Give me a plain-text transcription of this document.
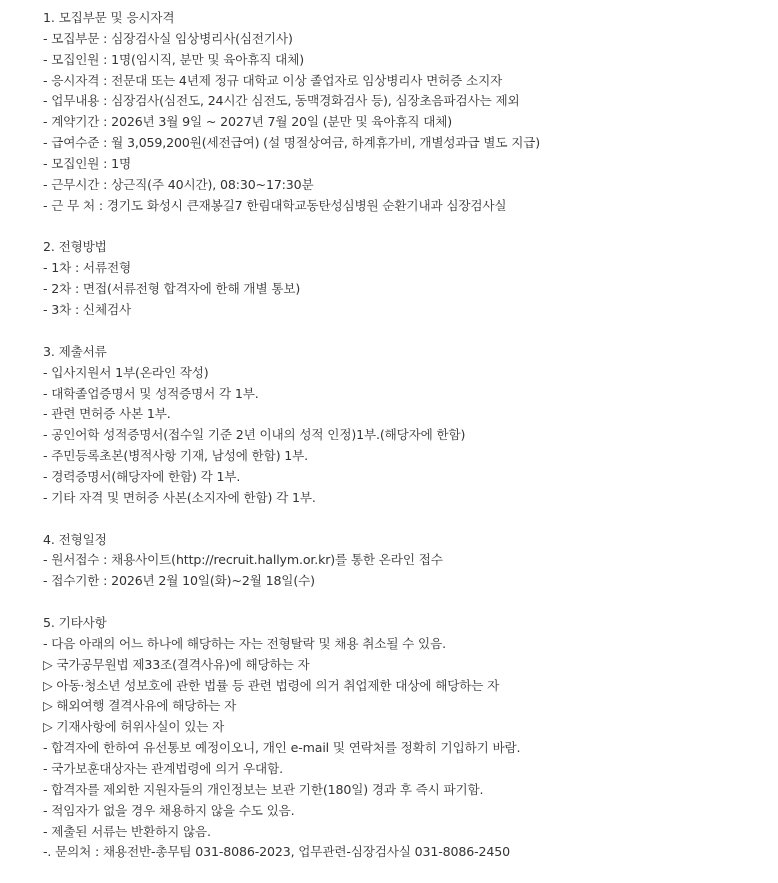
1. 모집부문 및 응시자격
- 모집부문 : 심장검사실 임상병리사(심전기사)
- 모집인원 : 1명(임시직, 분만 및 육아휴직 대체)
- 응시자격 : 전문대 또는 4년제 정규 대학교 이상 졸업자로 임상병리사 면허증 소지자
- 업무내용 : 심장검사(심전도, 24시간 심전도, 동맥경화검사 등), 심장초음파검사는 제외
- 계약기간 : 2026년 3월 9일 ~ 2027년 7월 20일 (분만 및 육아휴직 대체)
- 급여수준 : 월 3,059,200원(세전급여) (설 명절상여금, 하계휴가비, 개별성과급 별도 지급)
- 모집인원 : 1명
- 근무시간 : 상근직(주 40시간), 08:30~17:30분
- 근 무 처 : 경기도 화성시 큰재봉길7 한림대학교동탄성심병원 순환기내과 심장검사실
2. 전형방법
- 1차 : 서류전형
- 2차 : 면접(서류전형 합격자에 한해 개별 통보)
- 3차 : 신체검사
3. 제출서류
- 입사지원서 1부(온라인 작성)
- 대학졸업증명서 및 성적증명서 각 1부.
- 관련 면허증 사본 1부.
- 공인어학 성적증명서(접수일 기준 2년 이내의 성적 인정)1부.(해당자에 한함)
- 주민등록초본(병적사항 기재, 남성에 한함) 1부.
- 경력증명서(해당자에 한함) 각 1부.
- 기타 자격 및 면허증 사본(소지자에 한함) 각 1부.
4. 전형일정
- 원서접수 : 채용사이트(http://recruit.hallym.or.kr)를 통한 온라인 접수
- 접수기한 : 2026년 2월 10일(화)~2월 18일(수)
5. 기타사항
- 다음 아래의 어느 하나에 해당하는 자는 전형탈락 및 채용 취소될 수 있음.
▷ 국가공무원법 제33조(결격사유)에 해당하는 자
▷ 아동·청소년 성보호에 관한 법률 등 관련 법령에 의거 취업제한 대상에 해당하는 자
▷ 해외여행 결격사유에 해당하는 자
▷ 기재사항에 허위사실이 있는 자
- 합격자에 한하여 유선통보 예정이오니, 개인 e-mail 및 연락처를 정확히 기입하기 바람.
- 국가보훈대상자는 관계법령에 의거 우대함.
- 합격자를 제외한 지원자들의 개인정보는 보관 기한(180일) 경과 후 즉시 파기함.
- 적임자가 없을 경우 채용하지 않을 수도 있음.
- 제출된 서류는 반환하지 않음.
-. 문의처 : 채용전반-총무팀 031-8086-2023, 업무관련-심장검사실 031-8086-2450
